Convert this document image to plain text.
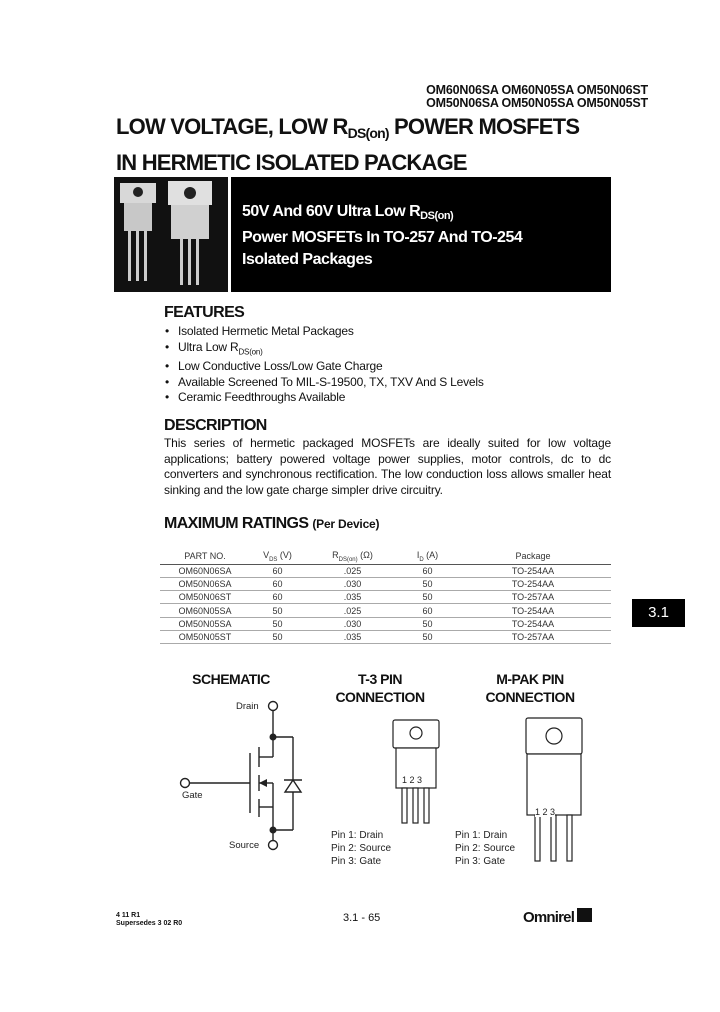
OM60N06SA OM60N05SA OM50N06ST
OM50N06SA OM50N05SA OM50N05ST
LOW VOLTAGE, LOW $R_{DS(on)}$ POWER MOSFETS
IN HERMETIC ISOLATED PACKAGE
50V And 60V Ultra Low $R_{DS(on)}$
Power MOSFETs In TO-257 And TO-254
Isolated Packages
FEATURES
• Isolated Hermetic Metal Packages
• Ultra Low $R_{DS(on)}$
• Low Conductive Loss/Low Gate Charge
• Available Screened To MIL-S-19500, TX, TXV And S Levels
• Ceramic Feedthroughs Available
DESCRIPTION

This series of hermetic packaged MOSFETs are ideally suited for low voltage applications; battery powered voltage power supplies, motor controls, dc to dc converters and synchronous rectification. The low conduction loss allows smaller heat sinking and the low gate charge simpler drive circuitry.

MAXIMUM RATINGS (Per Device)
PART NO.	$V_{DS}$ (V)	$R_{DS(on)}$ (Ω)	$I_D$ (A)	Package
OM60N06SA	60	.025	60	TO-254AA
OM50N06SA	60	.030	50	TO-254AA
OM50N06ST	60	.035	50	TO-257AA
OM60N05SA	50	.025	60	TO-254AA
OM50N05SA	50	.030	50	TO-254AA
OM50N05ST	50	.035	50	TO-257AA
3.1
SCHEMATIC
Drain
Gate
Source
T-3 PIN
CONNECTION
1 2 3
Pin 1: Drain
Pin 2: Source
Pin 3: Gate
M-PAK PIN
CONNECTION
1 2 3
Pin 1: Drain
Pin 2: Source
Pin 3: Gate
4 11 R1
Supersedes 3 02 R0	3.1 - 65	Omnirel
